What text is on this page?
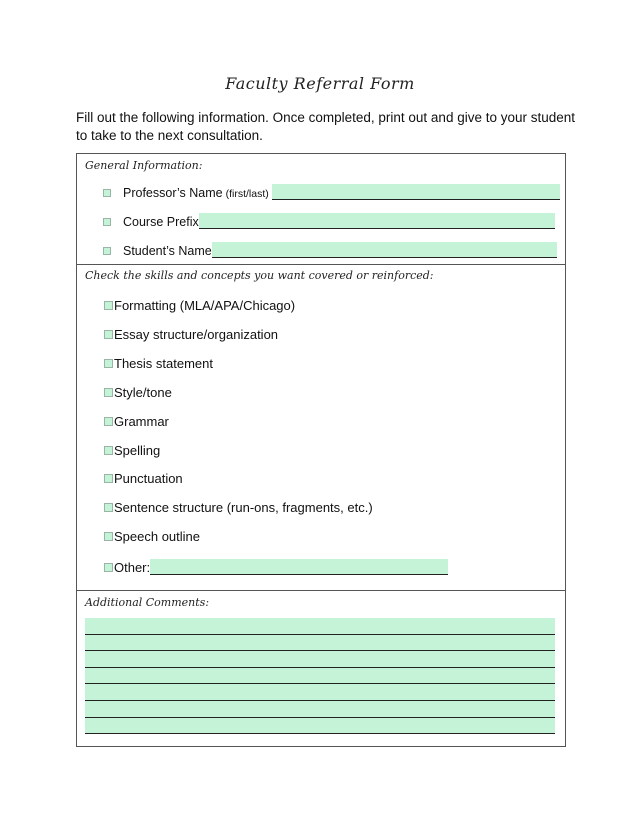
Faculty Referral Form
Fill out the following information. Once completed, print out and give to your student to take to the next consultation.
General Information:
Professor’s Name (first/last)
Course Prefix
Student’s Name
Check the skills and concepts you want covered or reinforced:
Formatting (MLA/APA/Chicago)
Essay structure/organization
Thesis statement
Style/tone
Grammar
Spelling
Punctuation
Sentence structure (run-ons, fragments, etc.)
Speech outline
Other:
Additional Comments:
